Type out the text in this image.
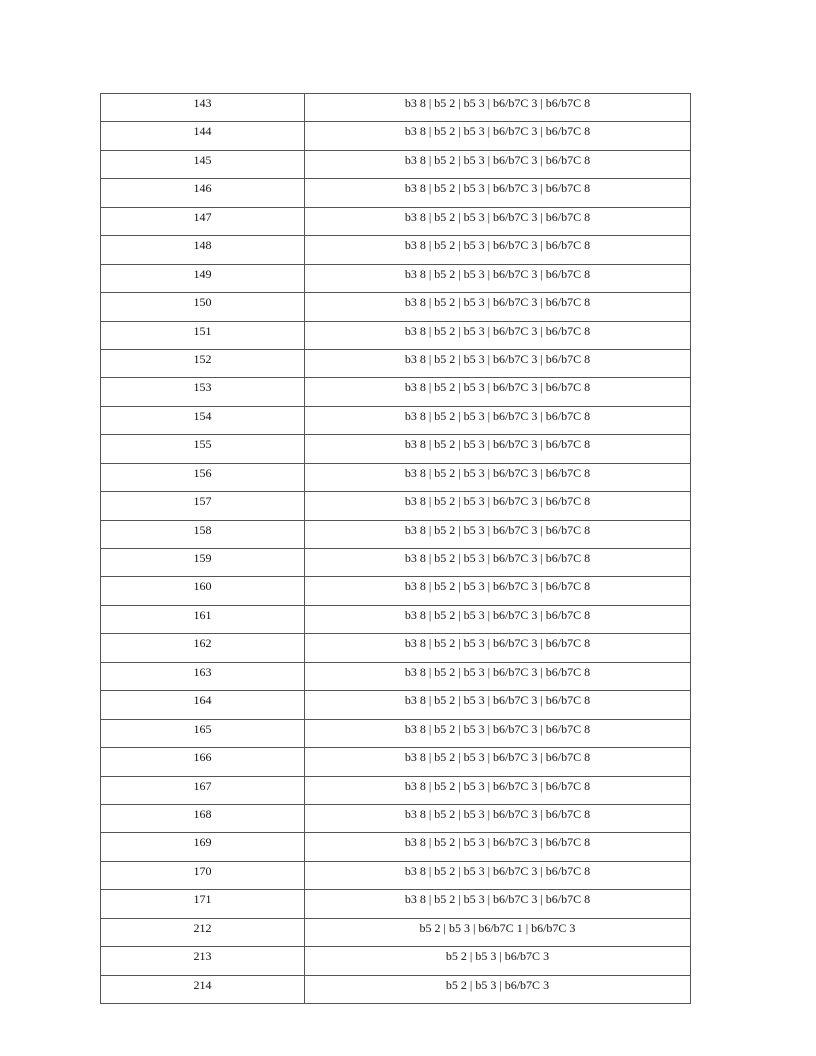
143	b3 8 | b5 2 | b5 3 | b6/b7C 3 | b6/b7C 8
144	b3 8 | b5 2 | b5 3 | b6/b7C 3 | b6/b7C 8
145	b3 8 | b5 2 | b5 3 | b6/b7C 3 | b6/b7C 8
146	b3 8 | b5 2 | b5 3 | b6/b7C 3 | b6/b7C 8
147	b3 8 | b5 2 | b5 3 | b6/b7C 3 | b6/b7C 8
148	b3 8 | b5 2 | b5 3 | b6/b7C 3 | b6/b7C 8
149	b3 8 | b5 2 | b5 3 | b6/b7C 3 | b6/b7C 8
150	b3 8 | b5 2 | b5 3 | b6/b7C 3 | b6/b7C 8
151	b3 8 | b5 2 | b5 3 | b6/b7C 3 | b6/b7C 8
152	b3 8 | b5 2 | b5 3 | b6/b7C 3 | b6/b7C 8
153	b3 8 | b5 2 | b5 3 | b6/b7C 3 | b6/b7C 8
154	b3 8 | b5 2 | b5 3 | b6/b7C 3 | b6/b7C 8
155	b3 8 | b5 2 | b5 3 | b6/b7C 3 | b6/b7C 8
156	b3 8 | b5 2 | b5 3 | b6/b7C 3 | b6/b7C 8
157	b3 8 | b5 2 | b5 3 | b6/b7C 3 | b6/b7C 8
158	b3 8 | b5 2 | b5 3 | b6/b7C 3 | b6/b7C 8
159	b3 8 | b5 2 | b5 3 | b6/b7C 3 | b6/b7C 8
160	b3 8 | b5 2 | b5 3 | b6/b7C 3 | b6/b7C 8
161	b3 8 | b5 2 | b5 3 | b6/b7C 3 | b6/b7C 8
162	b3 8 | b5 2 | b5 3 | b6/b7C 3 | b6/b7C 8
163	b3 8 | b5 2 | b5 3 | b6/b7C 3 | b6/b7C 8
164	b3 8 | b5 2 | b5 3 | b6/b7C 3 | b6/b7C 8
165	b3 8 | b5 2 | b5 3 | b6/b7C 3 | b6/b7C 8
166	b3 8 | b5 2 | b5 3 | b6/b7C 3 | b6/b7C 8
167	b3 8 | b5 2 | b5 3 | b6/b7C 3 | b6/b7C 8
168	b3 8 | b5 2 | b5 3 | b6/b7C 3 | b6/b7C 8
169	b3 8 | b5 2 | b5 3 | b6/b7C 3 | b6/b7C 8
170	b3 8 | b5 2 | b5 3 | b6/b7C 3 | b6/b7C 8
171	b3 8 | b5 2 | b5 3 | b6/b7C 3 | b6/b7C 8
212	b5 2 | b5 3 | b6/b7C 1 | b6/b7C 3
213	b5 2 | b5 3 | b6/b7C 3
214	b5 2 | b5 3 | b6/b7C 3
